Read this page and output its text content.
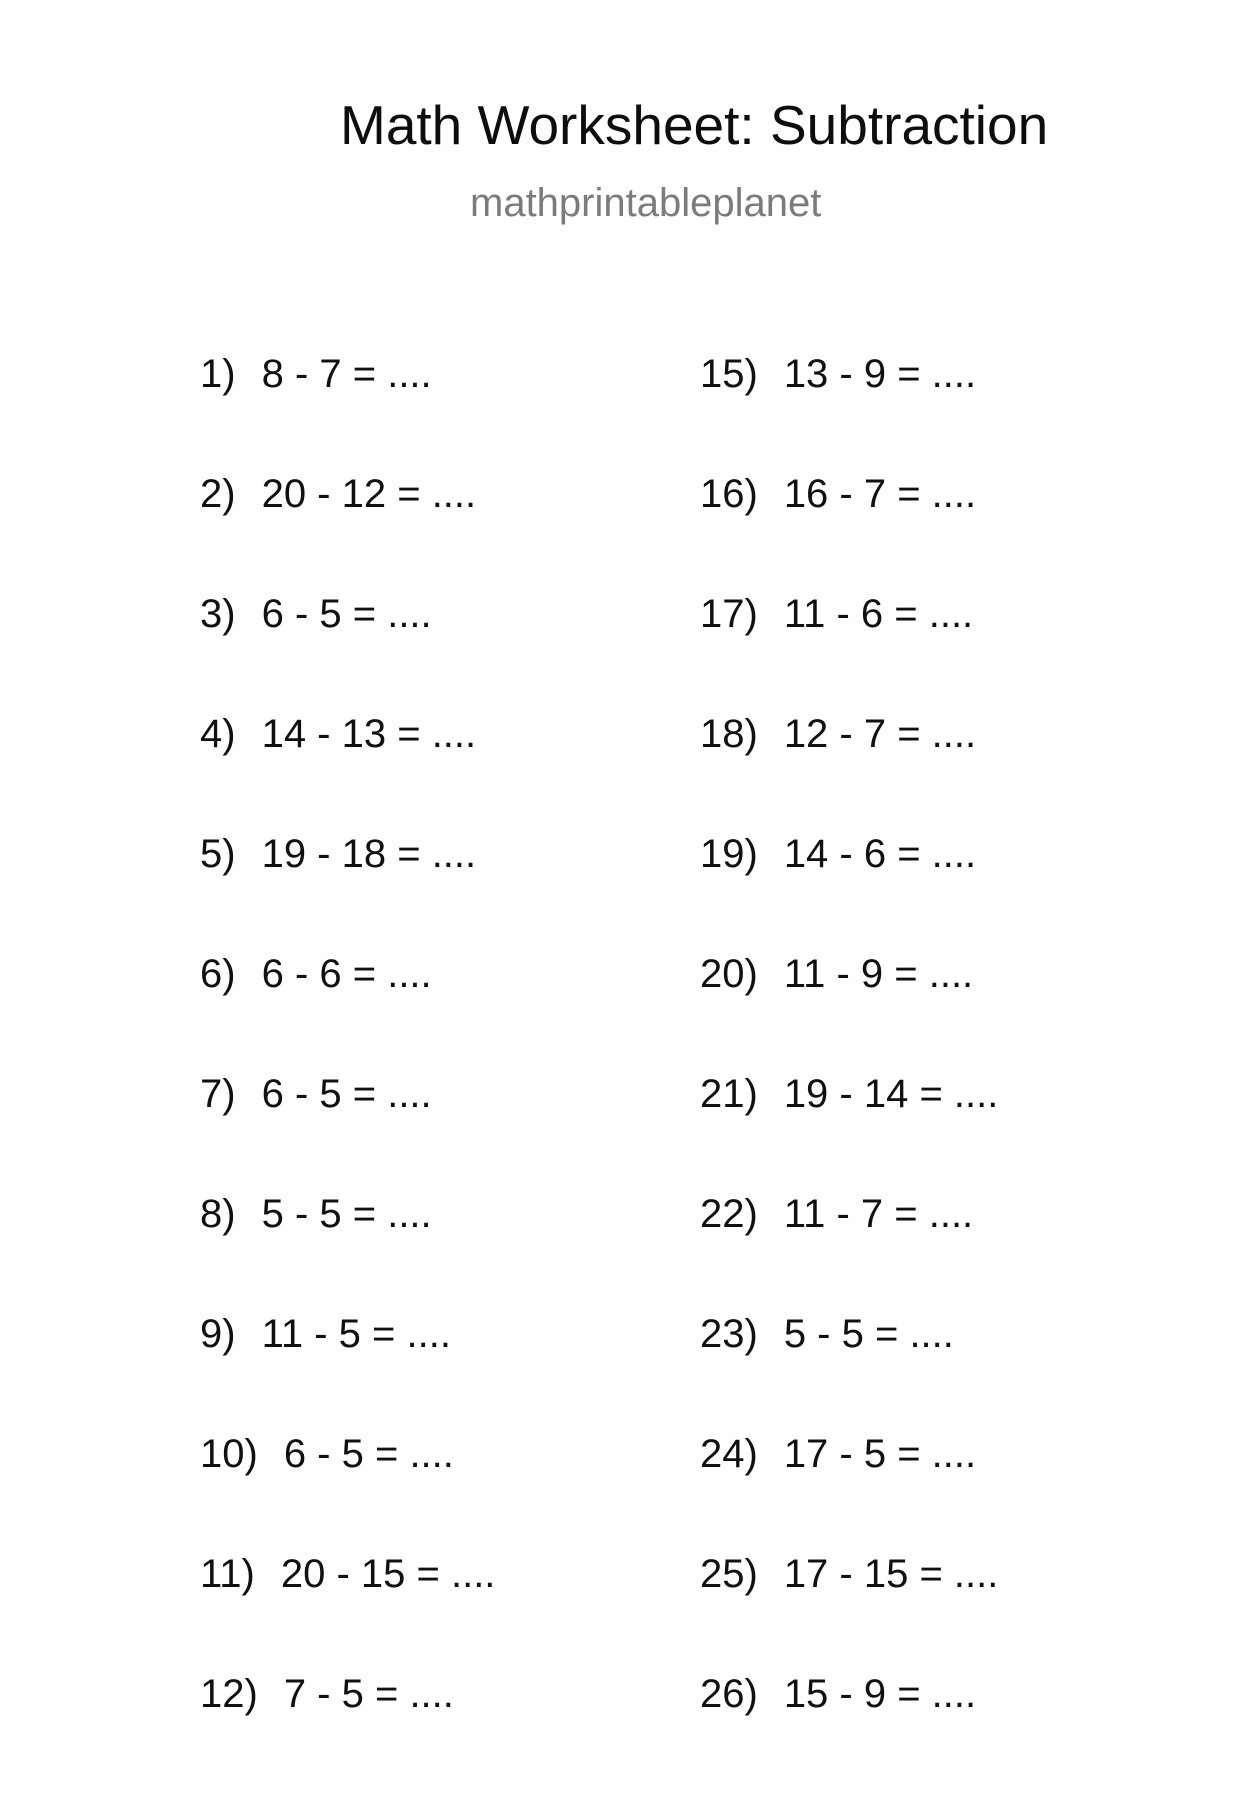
Math Worksheet: Subtraction
mathprintableplanet
1) 8 - 7 = ....
2) 20 - 12 = ....
3) 6 - 5 = ....
4) 14 - 13 = ....
5) 19 - 18 = ....
6) 6 - 6 = ....
7) 6 - 5 = ....
8) 5 - 5 = ....
9) 11 - 5 = ....
10) 6 - 5 = ....
11) 20 - 15 = ....
12) 7 - 5 = ....
15) 13 - 9 = ....
16) 16 - 7 = ....
17) 11 - 6 = ....
18) 12 - 7 = ....
19) 14 - 6 = ....
20) 11 - 9 = ....
21) 19 - 14 = ....
22) 11 - 7 = ....
23) 5 - 5 = ....
24) 17 - 5 = ....
25) 17 - 15 = ....
26) 15 - 9 = ....
